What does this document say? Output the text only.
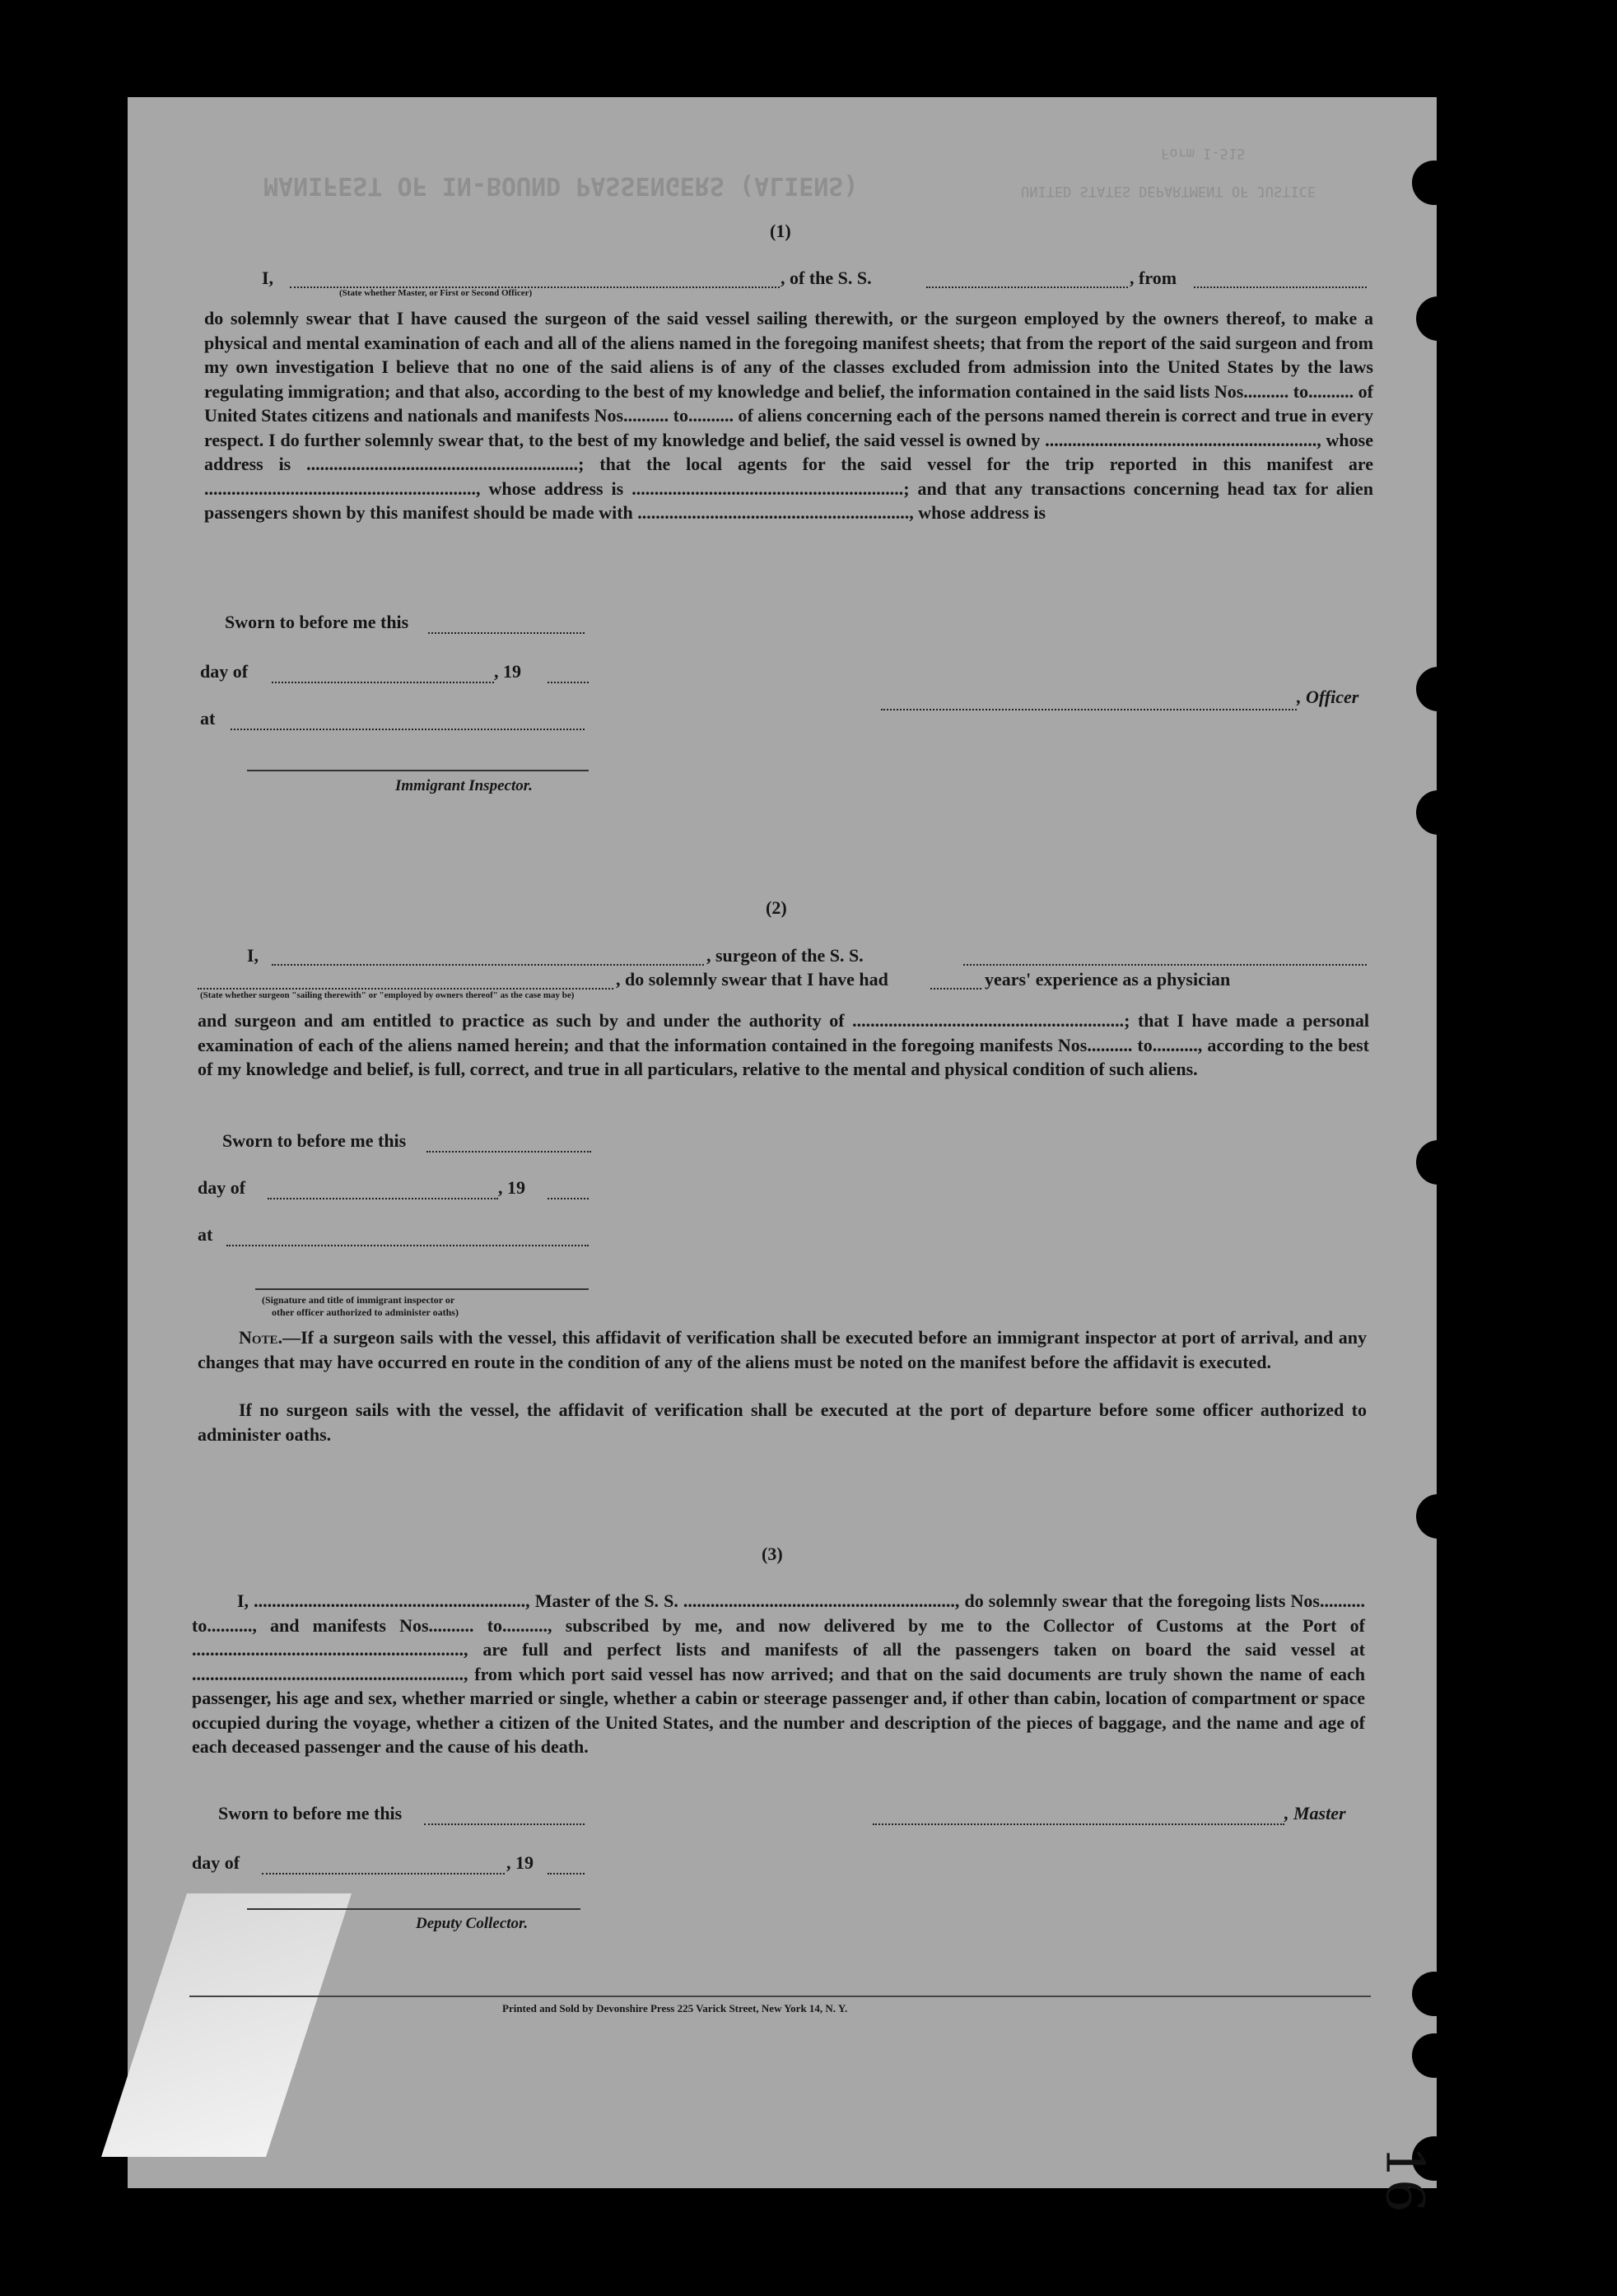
MANIFEST OF IN-BOUND PASSENGERS (ALIENS)	UNITED STATES DEPARTMENT OF JUSTICE
Form I-515
(1)
I,	, of the S. S.	, from
(State whether Master, or First or Second Officer)
do solemnly swear that I have caused the surgeon of the said vessel sailing therewith, or the surgeon employed by the owners thereof, to make a physical and mental examination of each and all of the aliens named in the foregoing manifest sheets; that from the report of the said surgeon and from my own investigation I believe that no one of the said aliens is of any of the classes excluded from admission into the United States by the laws regulating immigration; and that also, according to the best of my knowledge and belief, the information contained in the said lists Nos.......... to.......... of United States citizens and nationals and manifests Nos.......... to.......... of aliens concerning each of the persons named therein is correct and true in every respect. I do further solemnly swear that, to the best of my knowledge and belief, the said vessel is owned by ............................................................, whose address is ............................................................; that the local agents for the said vessel for the trip reported in this manifest are ............................................................, whose address is ............................................................; and that any transactions concerning head tax for alien passengers shown by this manifest should be made with ............................................................, whose address is
Sworn to before me this
day of	, 19
at
Immigrant Inspector.
, Officer
(2)
I,	, surgeon of the S. S.
, do solemnly swear that I have had	years' experience as a physician
(State whether surgeon "sailing therewith" or "employed by owners thereof" as the case may be)
and surgeon and am entitled to practice as such by and under the authority of ............................................................; that I have made a personal examination of each of the aliens named herein; and that the information contained in the foregoing manifests Nos.......... to.........., according to the best of my knowledge and belief, is full, correct, and true in all particulars, relative to the mental and physical condition of such aliens.
Sworn to before me this
day of	, 19
at
(Signature and title of immigrant inspector or
other officer authorized to administer oaths)
Note.—If a surgeon sails with the vessel, this affidavit of verification shall be executed before an immigrant inspector at port of arrival, and any changes that may have occurred en route in the condition of any of the aliens must be noted on the manifest before the affidavit is executed.
If no surgeon sails with the vessel, the affidavit of verification shall be executed at the port of departure before some officer authorized to administer oaths.
(3)
I, ............................................................, Master of the S. S. ............................................................, do solemnly swear that the foregoing lists Nos.......... to.........., and manifests Nos.......... to.........., subscribed by me, and now delivered by me to the Collector of Customs at the Port of ............................................................, are full and perfect lists and manifests of all the passengers taken on board the said vessel at ............................................................, from which port said vessel has now arrived; and that on the said documents are truly shown the name of each passenger, his age and sex, whether married or single, whether a cabin or steerage passenger and, if other than cabin, location of compartment or space occupied during the voyage, whether a citizen of the United States, and the number and description of the pieces of baggage, and the name and age of each deceased passenger and the cause of his death.
Sworn to before me this
day of	, 19
Deputy Collector.
, Master
Printed and Sold by Devonshire Press 225 Varick Street, New York 14, N. Y.
16
